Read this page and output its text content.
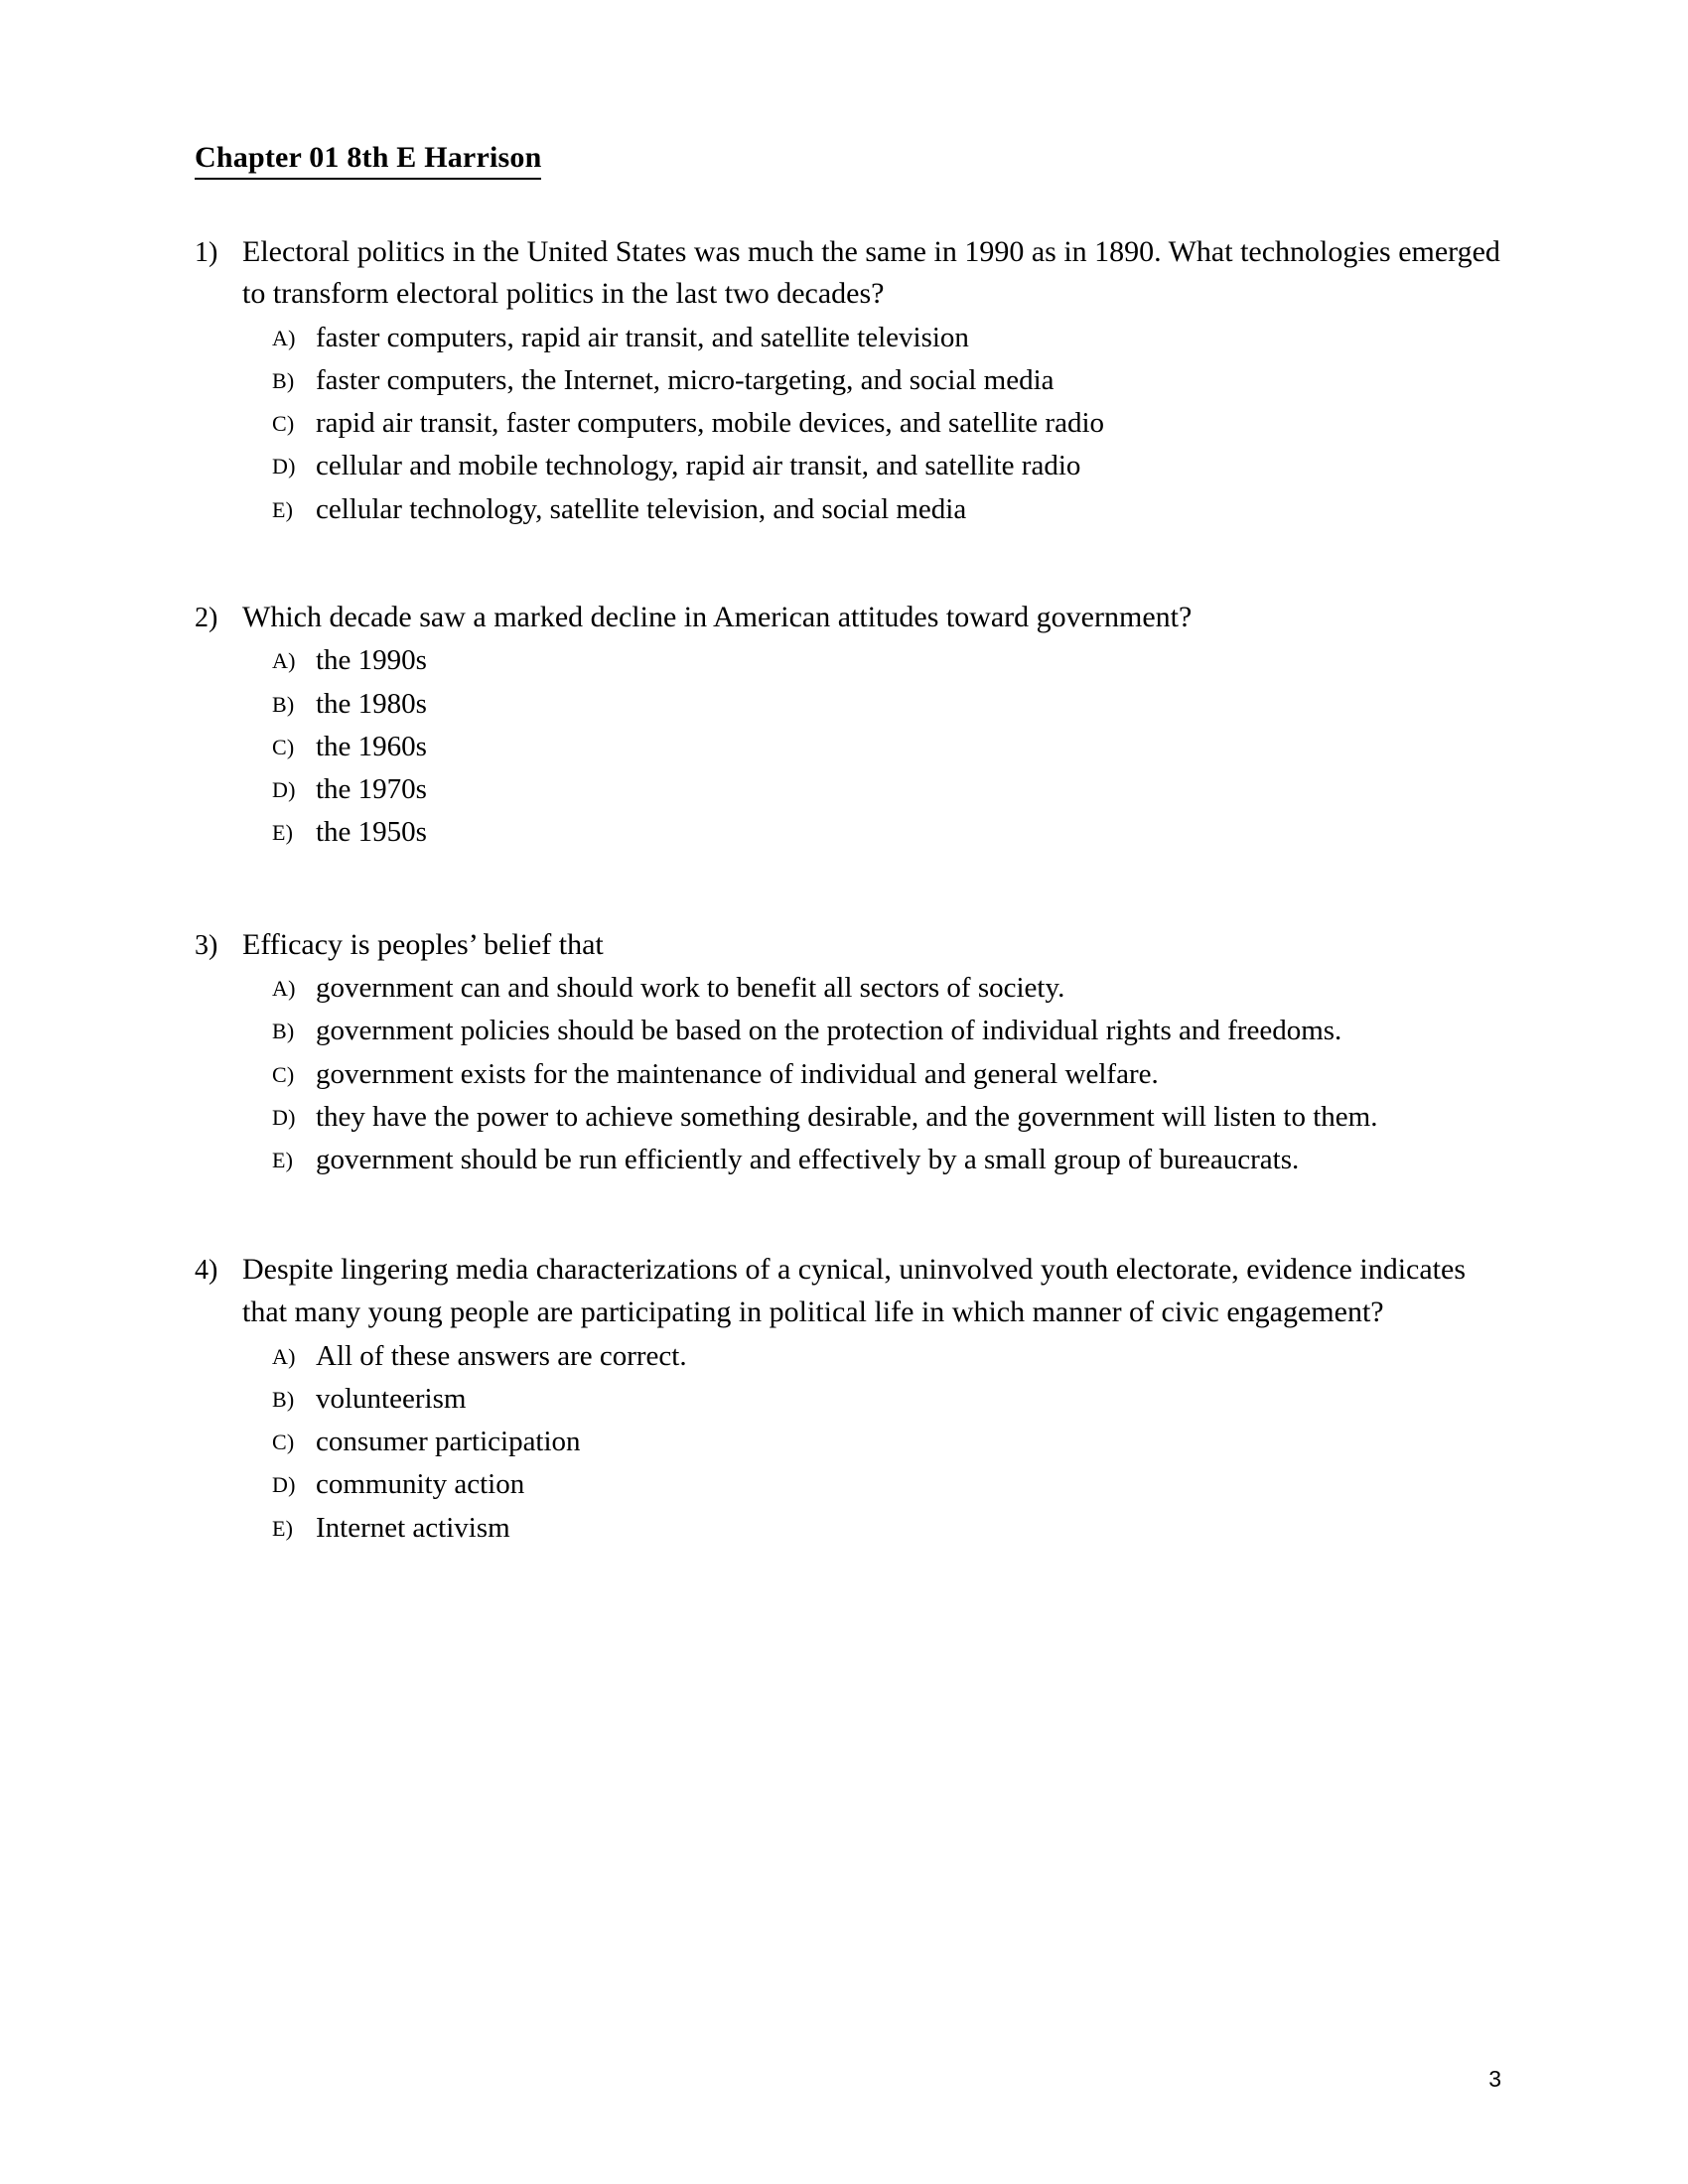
Chapter 01 8th E Harrison
1) Electoral politics in the United States was much the same in 1990 as in 1890. What technologies emerged to transform electoral politics in the last two decades?
A) faster computers, rapid air transit, and satellite television
B) faster computers, the Internet, micro-targeting, and social media
C) rapid air transit, faster computers, mobile devices, and satellite radio
D) cellular and mobile technology, rapid air transit, and satellite radio
E) cellular technology, satellite television, and social media
2) Which decade saw a marked decline in American attitudes toward government?
A) the 1990s
B) the 1980s
C) the 1960s
D) the 1970s
E) the 1950s
3) Efficacy is peoples’ belief that
A) government can and should work to benefit all sectors of society.
B) government policies should be based on the protection of individual rights and freedoms.
C) government exists for the maintenance of individual and general welfare.
D) they have the power to achieve something desirable, and the government will listen to them.
E) government should be run efficiently and effectively by a small group of bureaucrats.
4) Despite lingering media characterizations of a cynical, uninvolved youth electorate, evidence indicates that many young people are participating in political life in which manner of civic engagement?
A) All of these answers are correct.
B) volunteerism
C) consumer participation
D) community action
E) Internet activism
3
